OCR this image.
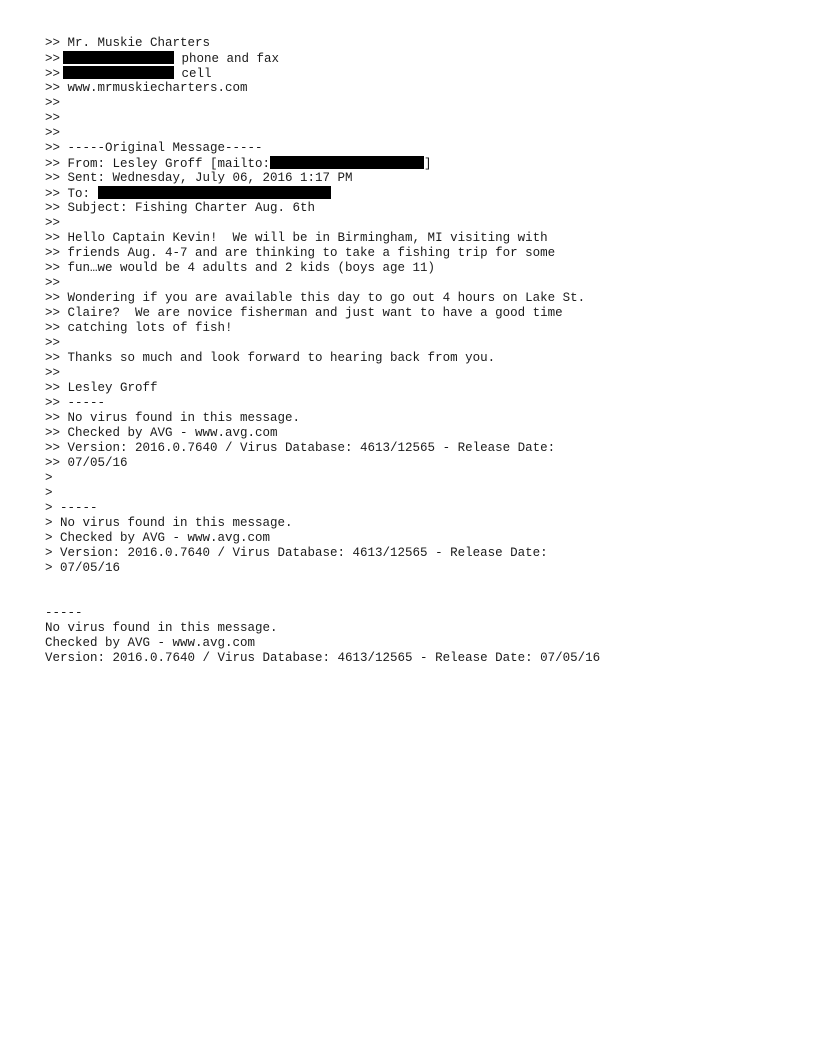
>> Mr. Muskie Charters
>>	phone and fax
>>	cell
>> www.mrmuskiecharters.com
>>
>>
>>
>> -----Original Message-----
>> From: Lesley Groff [mailto:	]
>> Sent: Wednesday, July 06, 2016 1:17 PM
>> To:
>> Subject: Fishing Charter Aug. 6th
>>
>> Hello Captain Kevin!  We will be in Birmingham, MI visiting with
>> friends Aug. 4-7 and are thinking to take a fishing trip for some
>> fun…we would be 4 adults and 2 kids (boys age 11)
>>
>> Wondering if you are available this day to go out 4 hours on Lake St.
>> Claire?  We are novice fisherman and just want to have a good time
>> catching lots of fish!
>>
>> Thanks so much and look forward to hearing back from you.
>>
>> Lesley Groff
>> -----
>> No virus found in this message.
>> Checked by AVG - www.avg.com
>> Version: 2016.0.7640 / Virus Database: 4613/12565 - Release Date:
>> 07/05/16
>
>
> -----
> No virus found in this message.
> Checked by AVG - www.avg.com
> Version: 2016.0.7640 / Virus Database: 4613/12565 - Release Date:
> 07/05/16
-----
No virus found in this message.
Checked by AVG - www.avg.com
Version: 2016.0.7640 / Virus Database: 4613/12565 - Release Date: 07/05/16
